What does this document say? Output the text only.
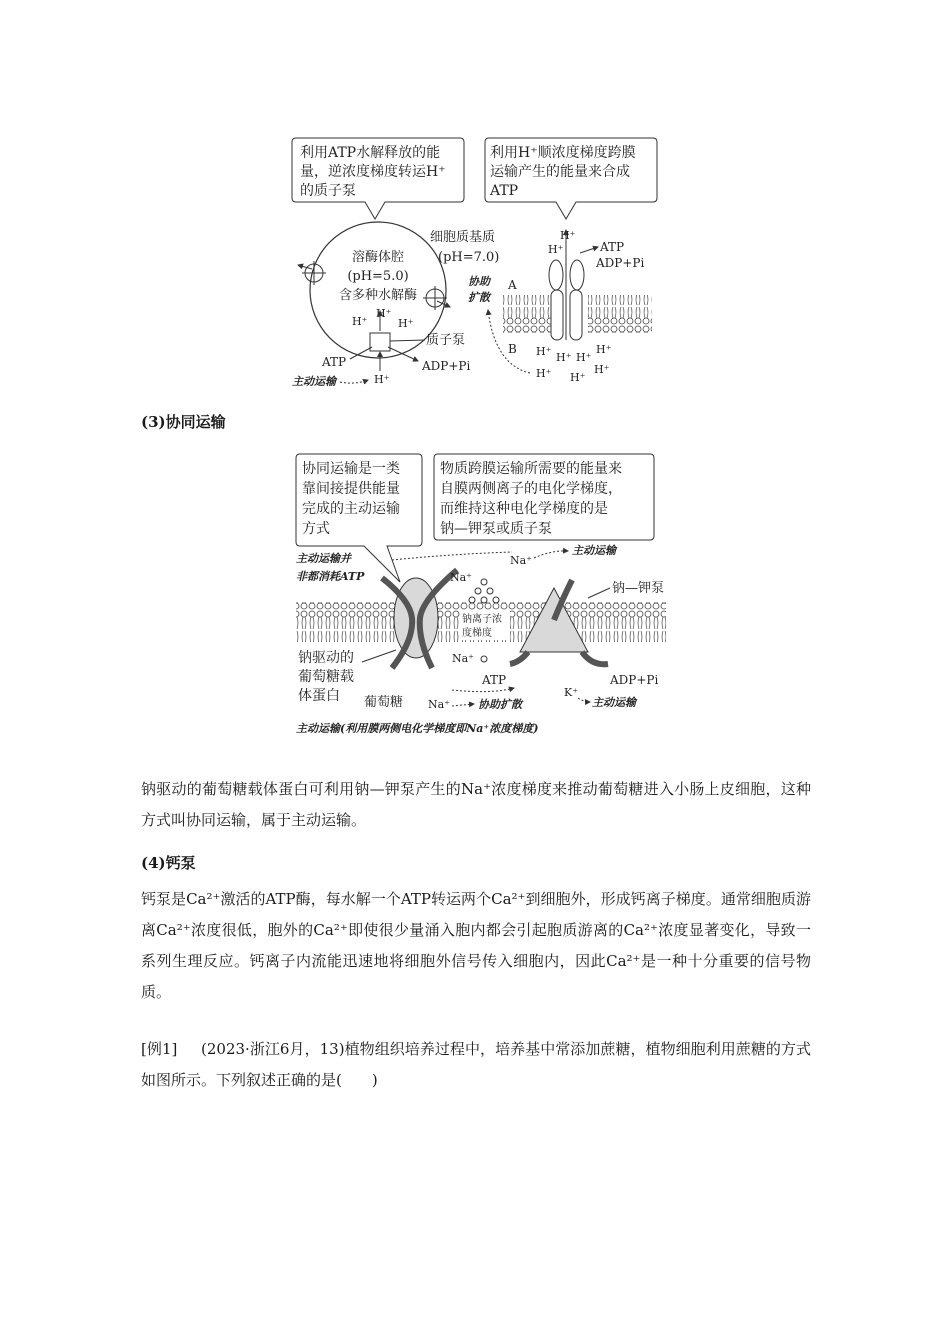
利用ATP水解释放的能
量，逆浓度梯度转运H⁺
的质子泵
利用H⁺顺浓度梯度跨膜
运输产生的能量来合成
ATP
溶酶体腔
(pH=5.0)
含多种水解酶
H⁺
H⁺
H⁺
质子泵
ATP	ADP+Pi
H⁺
主动运输
细胞质基质
(pH=7.0)
H⁺
H⁺	ATP
ADP+Pi
A
B H⁺ H⁺ H⁺
H⁺
H⁺ H⁺
H⁺
协助
扩散
(3)协同运输
协同运输是一类
靠间接提供能量
完成的主动运输
方式
物质跨膜运输所需要的能量来
自膜两侧离子的电化学梯度，
而维持这种电化学梯度的是
钠—钾泵或质子泵
主动运输并
非都消耗ATP
Na⁺
主动运输
Na⁺
钠离子浓
度梯度
Na⁺
钠—钾泵
钠驱动的
葡萄糖载
体蛋白 葡萄糖 Na⁺
ATP	ADP+Pi
K⁺
协助扩散	主动运输
主动运输(利用膜两侧电化学梯度即Na⁺浓度梯度)

钠驱动的葡萄糖载体蛋白可利用钠—钾泵产生的Na⁺浓度梯度来推动葡萄糖进入小肠上皮细胞，这种方式叫协同运输，属于主动运输。

(4)钙泵

钙泵是Ca²⁺激活的ATP酶，每水解一个ATP转运两个Ca²⁺到细胞外，形成钙离子梯度。通常细胞质游离Ca²⁺浓度很低，胞外的Ca²⁺即使很少量涌入胞内都会引起胞质游离的Ca²⁺浓度显著变化，导致一系列生理反应。钙离子内流能迅速地将细胞外信号传入细胞内，因此Ca²⁺是一种十分重要的信号物质。

[例1] (2023·浙江6月，13)植物组织培养过程中，培养基中常添加蔗糖，植物细胞利用蔗糖的方式如图所示。下列叙述正确的是(　　)
